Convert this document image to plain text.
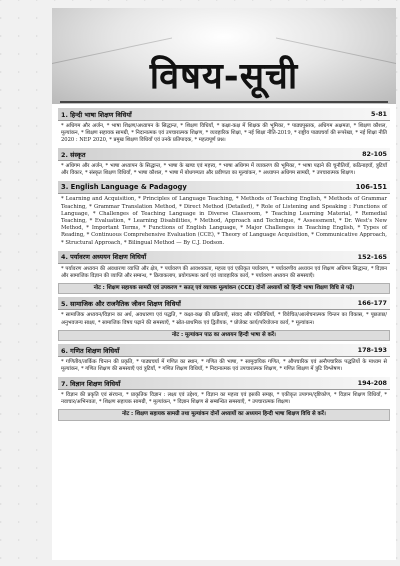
विषय-सूची
1. हिन्दी भाषा शिक्षण विधियाँ	5-81
* अधिगम और अर्जन, * भाषा शिक्षण/अध्यापन के सिद्धान्त, * शिक्षण विधियाँ, * कक्षा-कक्ष में शिक्षक की भूमिका, * पाठ्यपुस्तक, अधिगम अक्षमता, * शिक्षण कौशल, मूल्यांकन, * शिक्षण सहायक सामग्री, * निदानात्मक एवं उपचारात्मक शिक्षण, * व्यवहारिक शिक्षा, * नई शिक्षा नीति-2019, * राष्ट्रीय पाठ्यचर्या की रूपरेखा, * नई शिक्षा नीति 2020 : NEP 2020, * प्रमुख शिक्षण विधियाँ एवं उनके प्रतिपादक, * महत्वपूर्ण प्रश्न।
2. संस्कृत	82-105
* अधिगम और अर्जन, * भाषा अध्यापन के सिद्धान्त, * भाषा के खण्ड एवं महत्त्व, * भाषा अधिगम में व्याकरण की भूमिका, * भाषा पढ़ाने की चुनौतियाँ, कठिनाइयाँ, त्रुटियाँ और विकार, * संस्कृत शिक्षण विधियाँ, * भाषा कौशल, * भाषा में बोधगम्यता और प्रवीणता का मूल्यांकन, * अध्यापन अधिगम सामग्री, * उपचारात्मक शिक्षण।
3. English Language & Padagogy	106-151
* Learning and Acquisition, * Principles of Language Teaching, * Methods of Teaching English, * Methods of Grammar Teaching, * Grammar Translation Method, * Direct Method (Detailed), * Role of Listening and Speaking : Functions of Language, * Challenges of Teaching Language in Diverse Classroom, * Teaching Learning Material, * Remedial Teaching, * Evaluation, * Learning Disabilities, * Method, Approach and Technique, * Assessment, * Dr. West's New Method, * Important Terms, * Functions of English Language, * Major Challenges in Teaching English, * Types of Reading, * Continuous Comprehensive Evaluation (CCE), * Theory of Language Acquisition, * Communicative Approach, * Structural Approach, * Bilingual Method — By C.J. Dodson.
4. पर्यावरण अध्ययन शिक्षण विधियाँ	152-165
* पर्यावरण अध्ययन की अवधारणा व्याप्ति और क्षेत्र, * पर्यावरण की आवश्यकता, महत्त्व एवं एकीकृत पर्यावरण, * पर्यावरणीय अध्ययन एवं शिक्षण अधिगम सिद्धान्त, * विज्ञान और सामाजिक विज्ञान की व्याप्ति और सम्बन्ध, * क्रियाकलाप, प्रयोगात्मक कार्य एवं व्यावहारिक कार्य, * पर्यावरण अध्ययन की समस्याएँ।
नोट : शिक्षण सहायक सामग्री एवं उपकरण * सतत् एवं व्यापक मूल्यांकन (CCE) दोनों अध्यायों को हिन्दी भाषा शिक्षण विधि से पढ़ें।
5. सामाजिक और राजनैतिक जीवन शिक्षण विधियाँ	166-177
* सामाजिक अध्ययन/विज्ञान का अर्थ, अवधारणा एवं पद्धति, * कक्षा-कक्ष की प्रक्रियाएँ, संवाद और गतिविधियाँ, * विवेचित/आलोचनात्मक चिन्तन का विकास, * पूछताछ/अनुभवजन्य साक्ष्य, * सामाजिक विषय पढ़ाने की समस्याएँ, * स्रोत-प्राथमिक एवं द्वितीयक, * प्रोजेक्ट कार्य/परियोजना कार्य, * मूल्यांकन।
नोट : मूल्यांकन पाठ का अध्ययन हिन्दी भाषा से करें।
6. गणित शिक्षण विधियाँ	178-193
* गणितीय/तार्किक चिन्तन की प्रकृति, * पाठ्यचर्या में गणित का स्थान, * गणित की भाषा, * सामुदायिक गणित, * औपचारिक एवं अनौपचारिक पद्धतियों के माध्यम से मूल्यांकन, * गणित शिक्षण की समस्याएँ एवं त्रुटियाँ, * गणित शिक्षण विधियाँ, * निदानात्मक एवं उपचारात्मक शिक्षण, * गणित शिक्षण में त्रुटि विश्लेषण।
7. विज्ञान शिक्षण विधियाँ	194-208
* विज्ञान की प्रकृति एवं संरचना, * प्राकृतिक विज्ञान : लक्ष्य एवं उद्देश्य, * विज्ञान का महत्त्व एवं इसकी समझ, * एकीकृत उपागम/दृष्टिकोण, * विज्ञान शिक्षण विधियाँ, * नवाचार/अभिनवता, * शिक्षण सहायक सामग्री, * मूल्यांकन, * विज्ञान शिक्षण से सम्बन्धित समस्याएँ, * उपचारात्मक शिक्षण।
नोट : शिक्षण सहायक सामग्री तथा मूल्यांकन दोनों अध्यायों का अध्ययन हिन्दी भाषा शिक्षण विधि से करें।
